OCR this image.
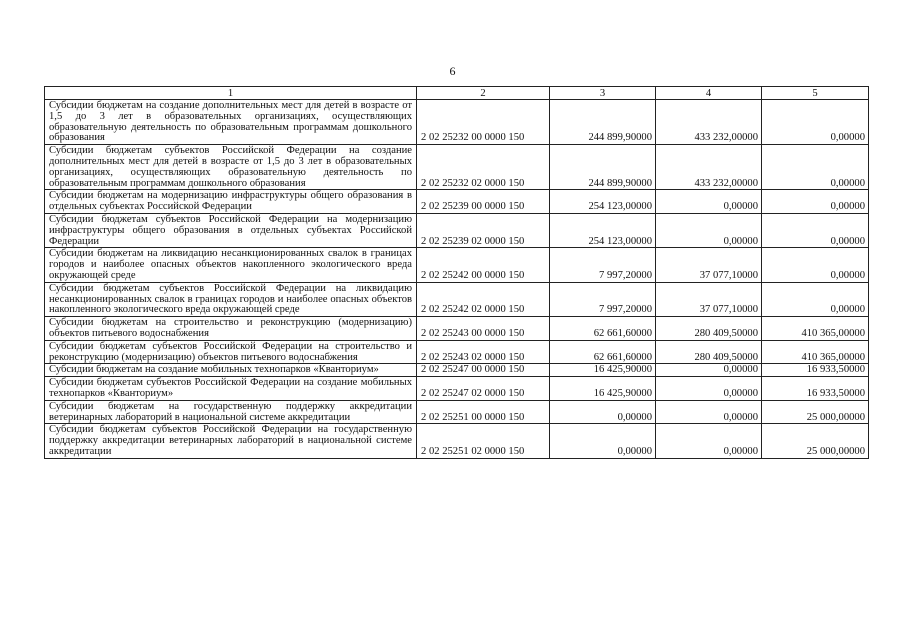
6
1	2	3	4	5
Субсидии бюджетам на создание дополнительных мест для детей в возрасте от 1,5 до 3 лет в образовательных организациях, осуществляющих образовательную деятельность по образовательным программам дошкольного образования	2 02 25232 00 0000 150	244 899,90000	433 232,00000	0,00000
Субсидии бюджетам субъектов Российской Федерации на создание дополнительных мест для детей в возрасте от 1,5 до 3 лет в образовательных организациях, осуществляющих образовательную деятельность по образовательным программам дошкольного образования	2 02 25232 02 0000 150	244 899,90000	433 232,00000	0,00000
Субсидии бюджетам на модернизацию инфраструктуры общего образования в отдельных субъектах Российской Федерации	2 02 25239 00 0000 150	254 123,00000	0,00000	0,00000
Субсидии бюджетам субъектов Российской Федерации на модернизацию инфраструктуры общего образования в отдельных субъектах Российской Федерации	2 02 25239 02 0000 150	254 123,00000	0,00000	0,00000
Субсидии бюджетам на ликвидацию несанкционированных свалок в границах городов и наиболее опасных объектов накопленного экологического вреда окружающей среде	2 02 25242 00 0000 150	7 997,20000	37 077,10000	0,00000
Субсидии бюджетам субъектов Российской Федерации на ликвидацию несанкционированных свалок в границах городов и наиболее опасных объектов накопленного экологического вреда окружающей среде	2 02 25242 02 0000 150	7 997,20000	37 077,10000	0,00000
Субсидии бюджетам на строительство и реконструкцию (модернизацию) объектов питьевого водоснабжения	2 02 25243 00 0000 150	62 661,60000	280 409,50000	410 365,00000
Субсидии бюджетам субъектов Российской Федерации на строительство и реконструкцию (модернизацию) объектов питьевого водоснабжения	2 02 25243 02 0000 150	62 661,60000	280 409,50000	410 365,00000
Субсидии бюджетам на создание мобильных технопарков «Кванториум»	2 02 25247 00 0000 150	16 425,90000	0,00000	16 933,50000
Субсидии бюджетам субъектов Российской Федерации на создание мобильных технопарков «Кванториум»	2 02 25247 02 0000 150	16 425,90000	0,00000	16 933,50000
Субсидии бюджетам на государственную поддержку аккредитации ветеринарных лабораторий в национальной системе аккредитации	2 02 25251 00 0000 150	0,00000	0,00000	25 000,00000
Субсидии бюджетам субъектов Российской Федерации на государственную поддержку аккредитации ветеринарных лабораторий в национальной системе аккредитации	2 02 25251 02 0000 150	0,00000	0,00000	25 000,00000
